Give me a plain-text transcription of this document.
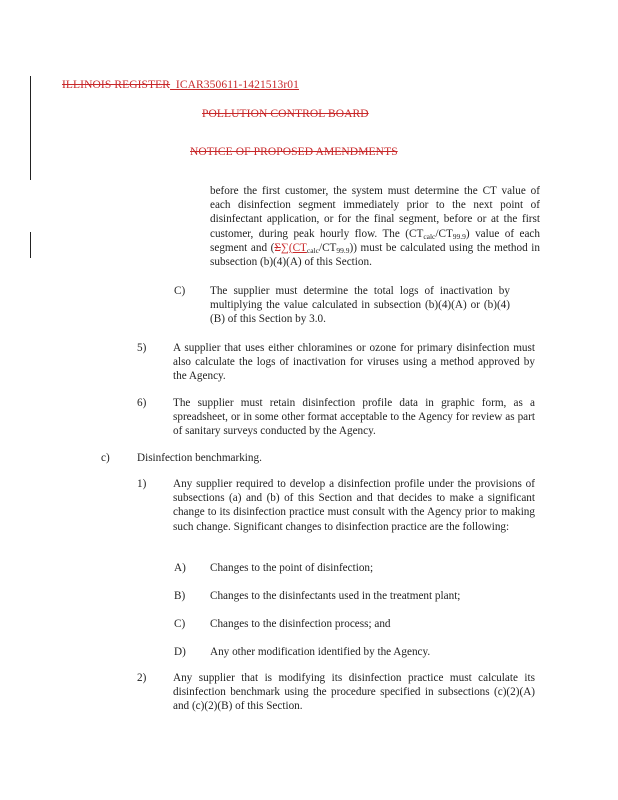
ILLINOIS REGISTER_ICAR350611-1421513r01
POLLUTION CONTROL BOARD
NOTICE OF PROPOSED AMENDMENTS
before the first customer, the system must determine the CT value of each disinfection segment immediately prior to the next point of disinfectant application, or for the final segment, before or at the first customer, during peak hourly flow. The $(CT_{calc}/CT_{99.9})$ value of each segment and $(\Sigma\sum(CT_{calc}/CT_{99.9}))$ must be calculated using the method in subsection (b)(4)(A) of this Section.
C) The supplier must determine the total logs of inactivation by multiplying the value calculated in subsection (b)(4)(A) or (b)(4)(B) of this Section by 3.0.
5) A supplier that uses either chloramines or ozone for primary disinfection must also calculate the logs of inactivation for viruses using a method approved by the Agency.
6) The supplier must retain disinfection profile data in graphic form, as a spreadsheet, or in some other format acceptable to the Agency for review as part of sanitary surveys conducted by the Agency.
c) Disinfection benchmarking.
1) Any supplier required to develop a disinfection profile under the provisions of subsections (a) and (b) of this Section and that decides to make a significant change to its disinfection practice must consult with the Agency prior to making such change. Significant changes to disinfection practice are the following:
A) Changes to the point of disinfection;
B) Changes to the disinfectants used in the treatment plant;
C) Changes to the disinfection process; and
D) Any other modification identified by the Agency.
2) Any supplier that is modifying its disinfection practice must calculate its disinfection benchmark using the procedure specified in subsections (c)(2)(A) and (c)(2)(B) of this Section.
